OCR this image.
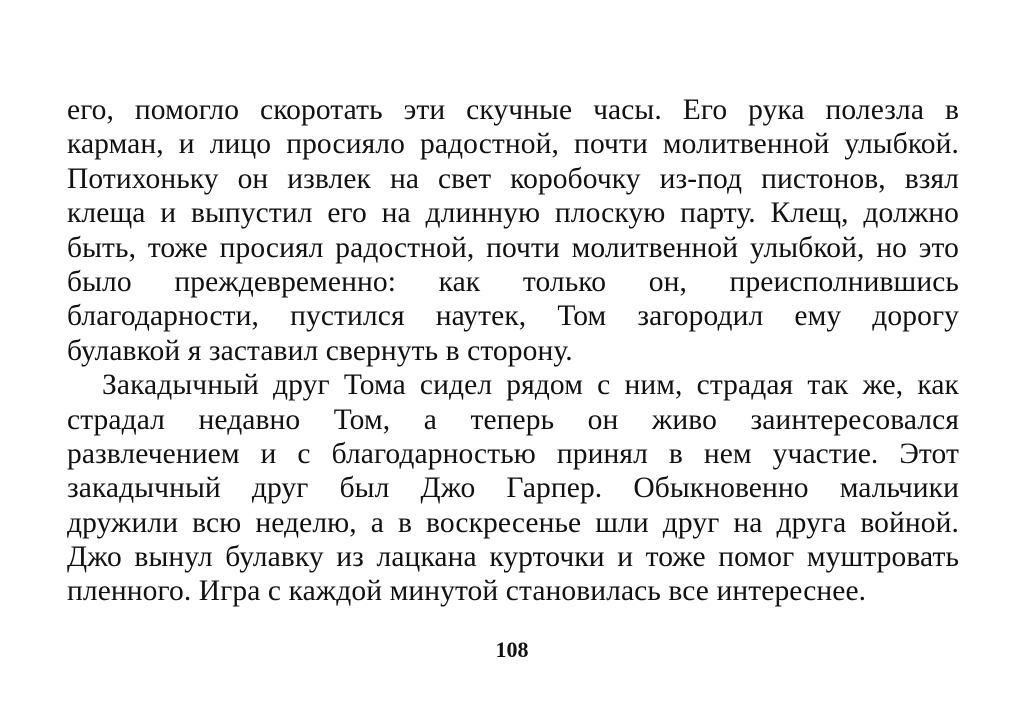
его, помогло скоротать эти скучные часы. Его рука полезла в
карман, и лицо просияло радостной, почти молитвенной улыбкой.
Потихоньку он извлек на свет коробочку из-под пистонов, взял
клеща и выпустил его на длинную плоскую парту. Клещ, должно
быть, тоже просиял радостной, почти молитвенной улыбкой, но это
было преждевременно: как только он, преисполнившись
благодарности, пустился наутек, Том загородил ему дорогу
булавкой я заставил свернуть в сторону.
Закадычный друг Тома сидел рядом с ним, страдая так же, как
страдал недавно Том, а теперь он живо заинтересовался
развлечением и с благодарностью принял в нем участие. Этот
закадычный друг был Джо Гарпер. Обыкновенно мальчики
дружили всю неделю, а в воскресенье шли друг на друга войной.
Джо вынул булавку из лацкана курточки и тоже помог муштровать
пленного. Игра с каждой минутой становилась все интереснее.
108
